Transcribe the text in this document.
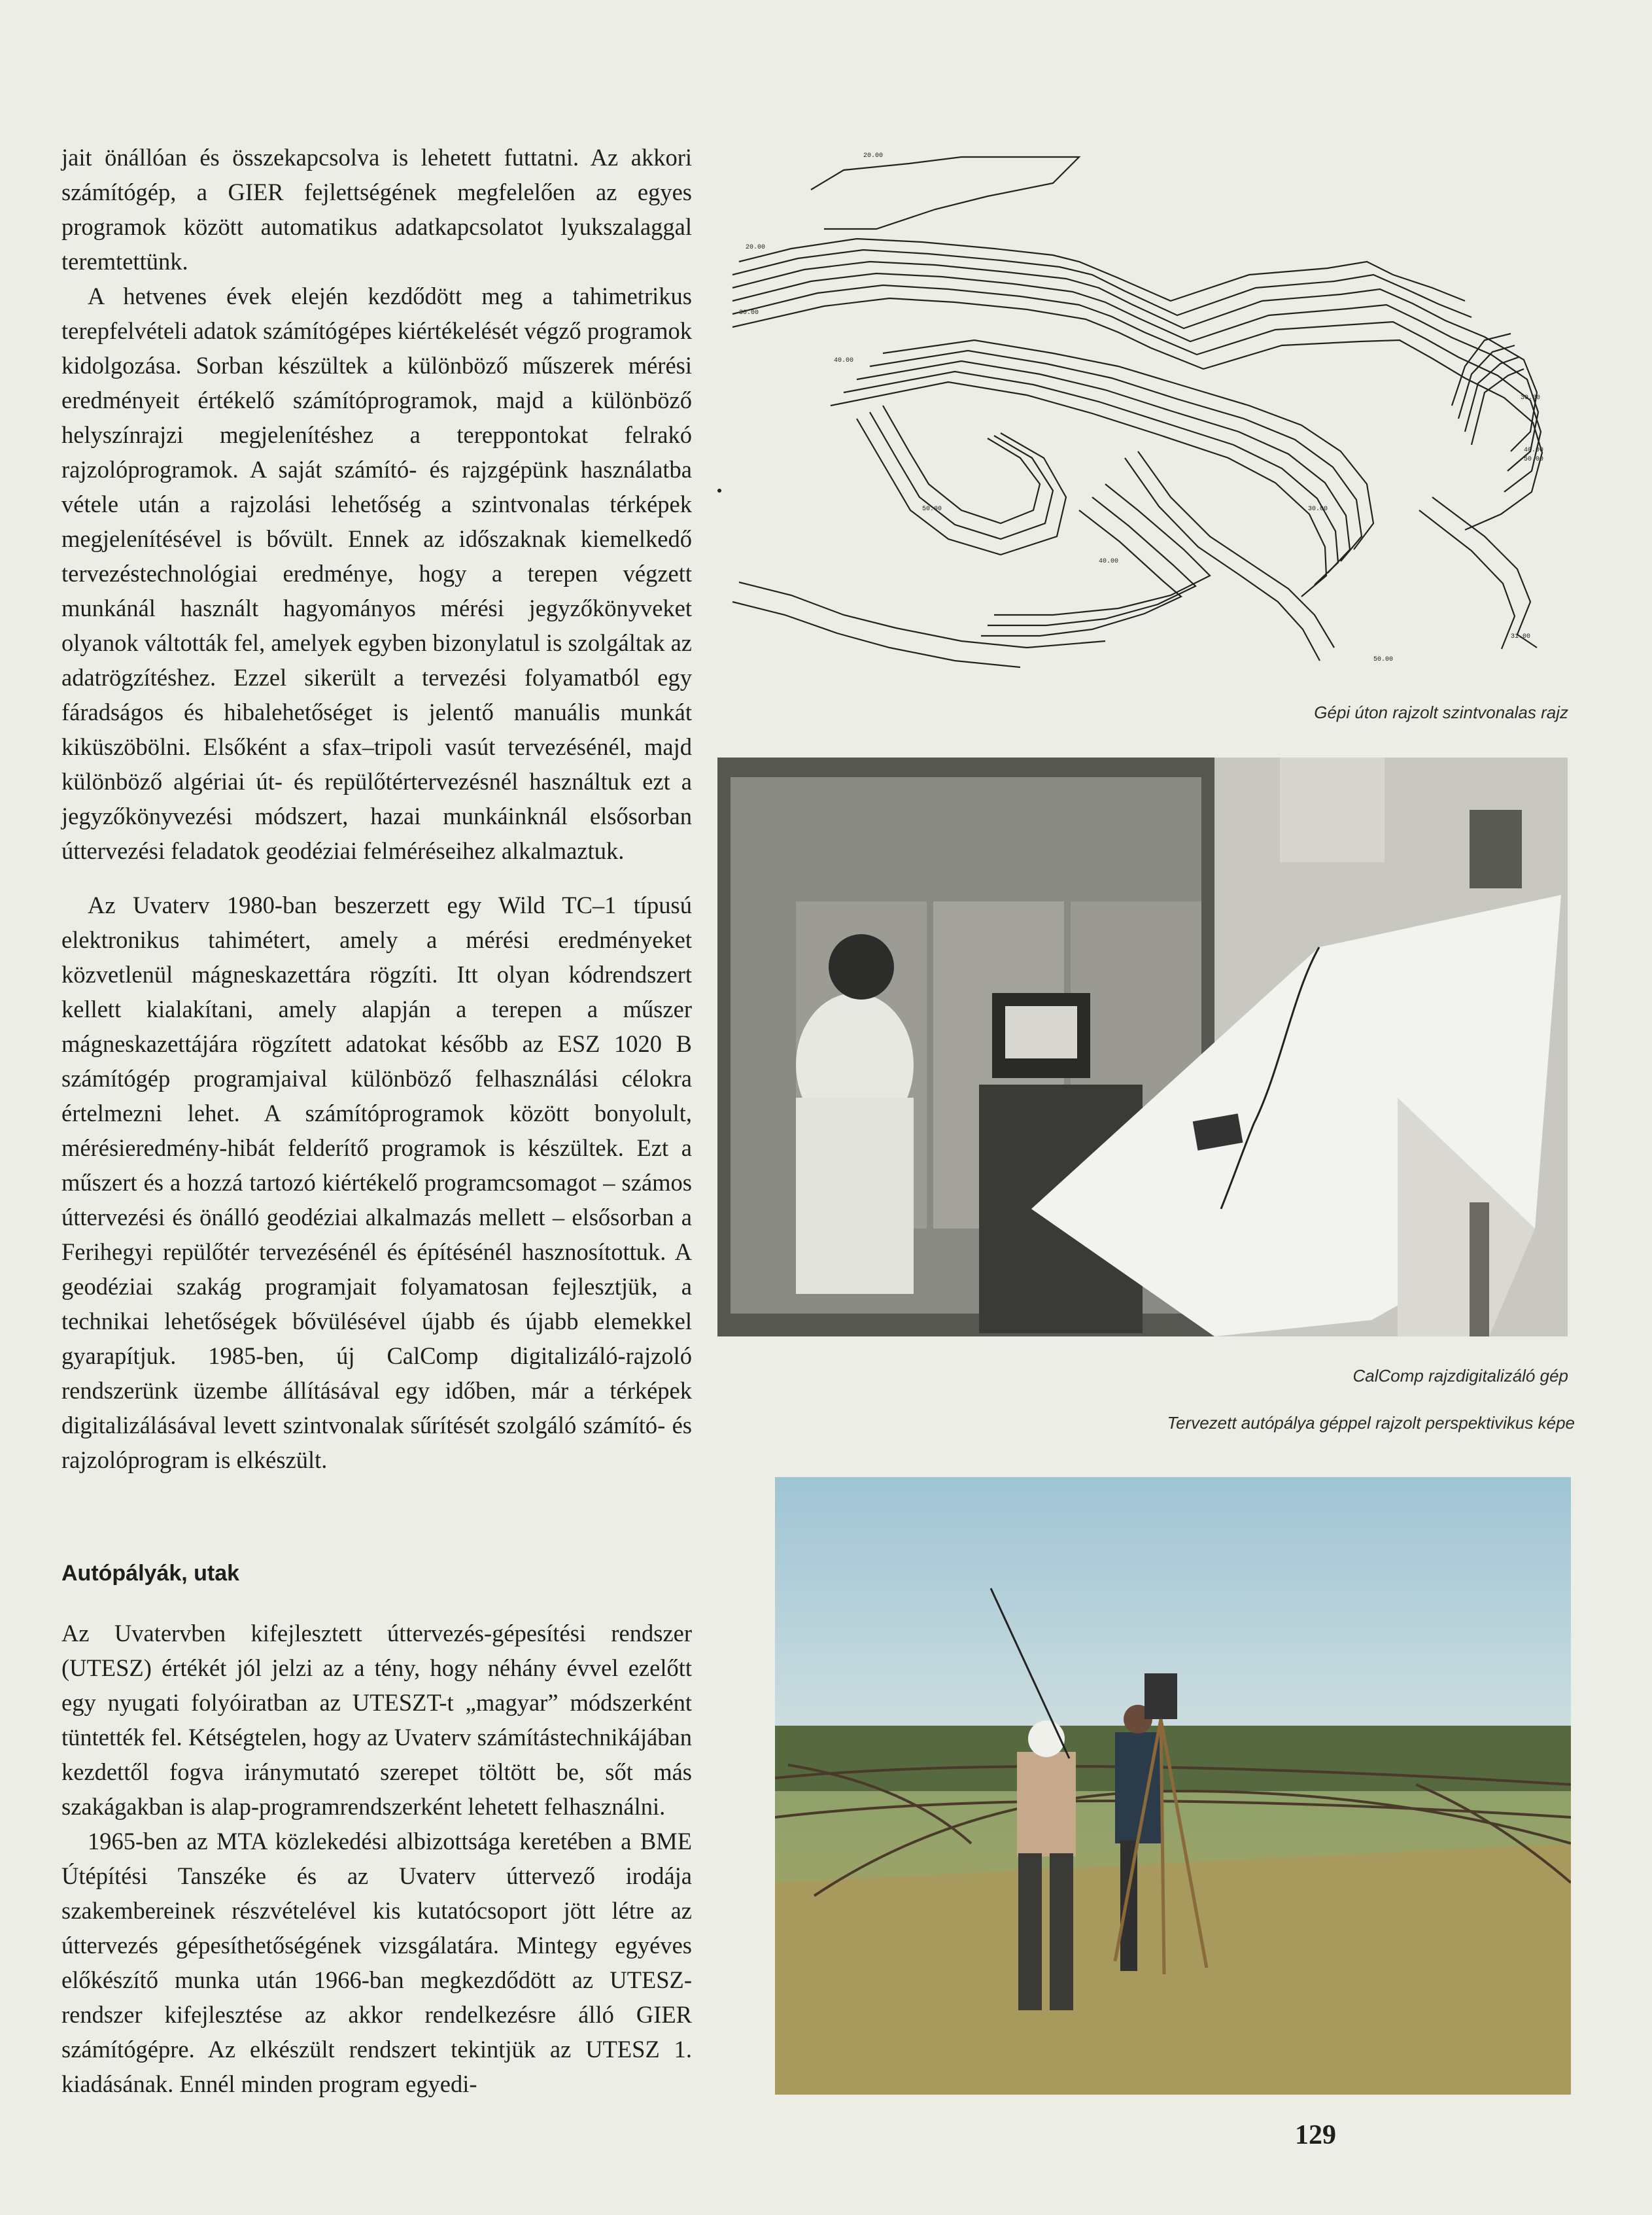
jait önállóan és összekapcsolva is lehetett futtatni. Az akkori számítógép, a GIER fejlettségének megfelelően az egyes programok között automatikus adatkapcsolatot lyukszalaggal teremtettünk.

A hetvenes évek elején kezdődött meg a tahimetrikus terepfelvételi adatok számítógépes kiértékelését végző programok kidolgozása. Sorban készültek a különböző műszerek mérési eredményeit értékelő számítóprogramok, majd a különböző helyszínrajzi megjelenítéshez a tereppontokat felrakó rajzolóprogramok. A saját számító- és rajzgépünk használatba vétele után a rajzolási lehetőség a szintvonalas térképek megjelenítésével is bővült. Ennek az időszaknak kiemelkedő tervezéstechnológiai eredménye, hogy a terepen végzett munkánál használt hagyományos mérési jegyzőkönyveket olyanok váltották fel, amelyek egyben bizonylatul is szolgáltak az adatrögzítéshez. Ezzel sikerült a tervezési folyamatból egy fáradságos és hibalehetőséget is jelentő manuális munkát kiküszöbölni. Elsőként a sfax–tripoli vasút tervezésénél, majd különböző algériai út- és repülőtértervezésnél használtuk ezt a jegyzőkönyvezési módszert, hazai munkáinknál elsősorban úttervezési feladatok geodéziai felméréseihez alkalmaztuk.

Az Uvaterv 1980-ban beszerzett egy Wild TC–1 típusú elektronikus tahimétert, amely a mérési eredményeket közvetlenül mágneskazettára rögzíti. Itt olyan kódrendszert kellett kialakítani, amely alapján a terepen a műszer mágneskazettájára rögzített adatokat később az ESZ 1020 B számítógép programjaival különböző felhasználási célokra értelmezni lehet. A számítóprogramok között bonyolult, mérésieredmény-hibát felderítő programok is készültek. Ezt a műszert és a hozzá tartozó kiértékelő programcsomagot – számos úttervezési és önálló geodéziai alkalmazás mellett – elsősorban a Ferihegyi repülőtér tervezésénél és építésénél hasznosítottuk. A geodéziai szakág programjait folyamatosan fejlesztjük, a technikai lehetőségek bővülésével újabb és újabb elemekkel gyarapítjuk. 1985-ben, új CalComp digitalizáló-rajzoló rendszerünk üzembe állításával egy időben, már a térképek digitalizálásával levett szintvonalak sűrítését szolgáló számító- és rajzolóprogram is elkészült.

Autópályák, utak

Az Uvatervben kifejlesztett úttervezés-gépesítési rendszer (UTESZ) értékét jól jelzi az a tény, hogy néhány évvel ezelőtt egy nyugati folyóiratban az UTESZT-t „magyar” módszerként tüntették fel. Kétségtelen, hogy az Uvaterv számítástechnikájában kezdettől fogva iránymutató szerepet töltött be, sőt más szakágakban is alap-programrendszerként lehetett felhasználni.

1965-ben az MTA közlekedési albizottsága keretében a BME Útépítési Tanszéke és az Uvaterv úttervező irodája szakembereinek részvételével kis kutatócsoport jött létre az úttervezés gépesíthetőségének vizsgálatára. Mintegy egyéves előkészítő munka után 1966-ban megkezdődött az UTESZ-rendszer kifejlesztése az akkor rendelkezésre álló GIER számítógépre. Az elkészült rendszert tekintjük az UTESZ 1. kiadásának. Ennél minden program egyedi-

20.00
20.00
30.00
40.00
30.00
40.00
50.00
50.00
40.00
30.00
50.00
31.00
Gépi úton rajzolt szintvonalas rajz
CalComp rajzdigitalizáló gép
Tervezett autópálya géppel rajzolt perspektivikus képe
129
